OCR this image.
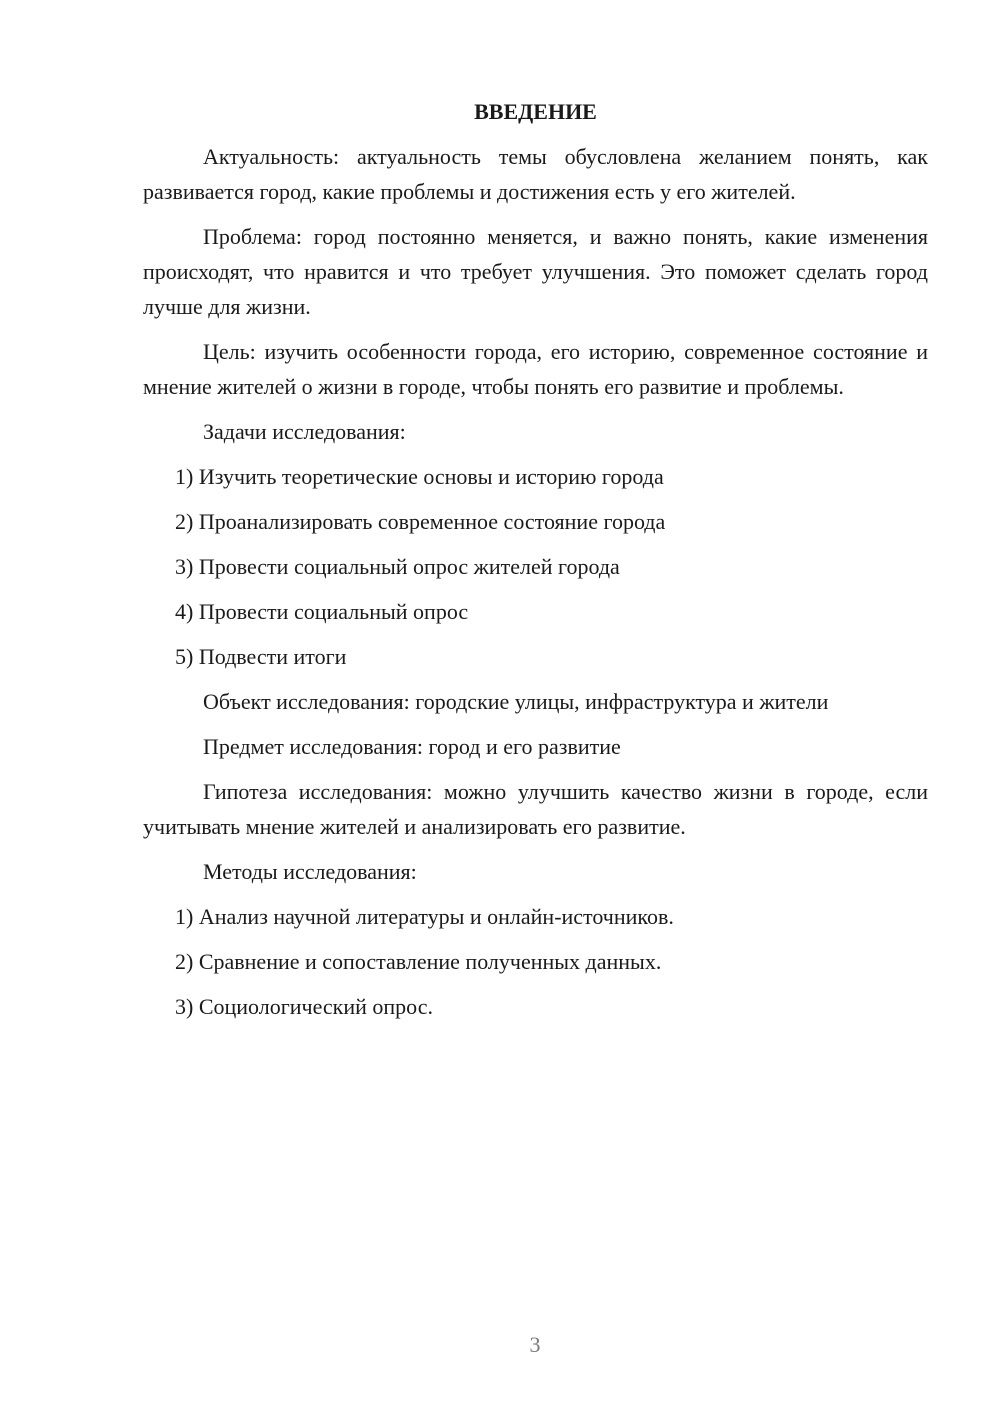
ВВЕДЕНИЕ

Актуальность: актуальность темы обусловлена желанием понять, как развивается город, какие проблемы и достижения есть у его жителей.

Проблема: город постоянно меняется, и важно понять, какие изменения происходят, что нравится и что требует улучшения. Это поможет сделать город лучше для жизни.

Цель: изучить особенности города, его историю, современное состояние и мнение жителей о жизни в городе, чтобы понять его развитие и проблемы.

Задачи исследования:

1) Изучить теоретические основы и историю города
2) Проанализировать современное состояние города
3) Провести социальный опрос жителей города
4) Провести социальный опрос
5) Подвести итоги

Объект исследования: городские улицы, инфраструктура и жители

Предмет исследования: город и его развитие

Гипотеза исследования: можно улучшить качество жизни в городе, если учитывать мнение жителей и анализировать его развитие.

Методы исследования:

1) Анализ научной литературы и онлайн-источников.
2) Сравнение и сопоставление полученных данных.
3) Социологический опрос.
3
